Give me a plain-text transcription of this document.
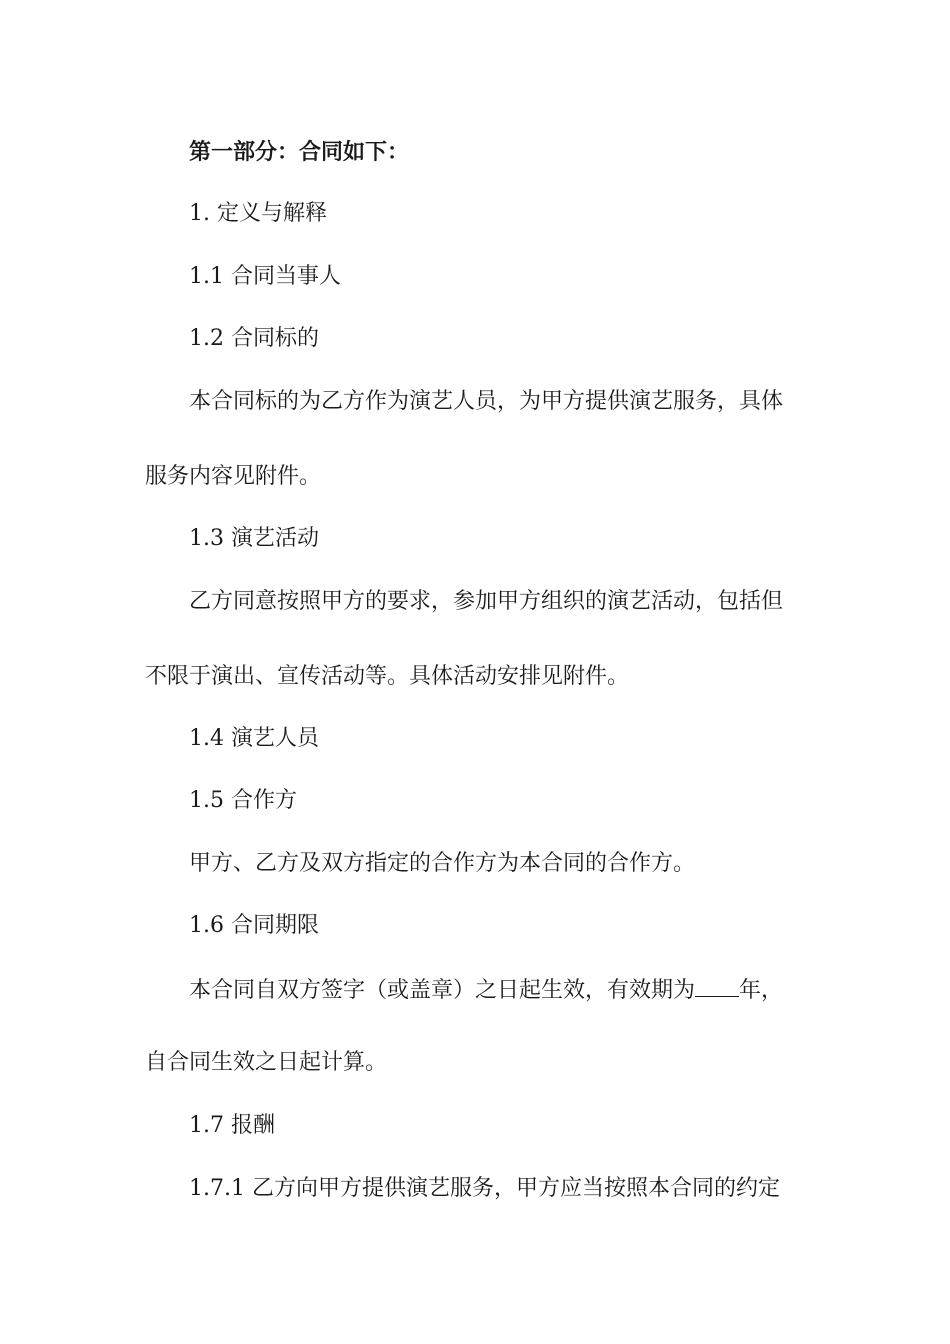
第一部分：合同如下：

1. 定义与解释

1.1 合同当事人

1.2 合同标的

本合同标的为乙方作为演艺人员，为甲方提供演艺服务，具体

服务内容见附件。

1.3 演艺活动

乙方同意按照甲方的要求，参加甲方组织的演艺活动，包括但

不限于演出、宣传活动等。具体活动安排见附件。

1.4 演艺人员

1.5 合作方

甲方、乙方及双方指定的合作方为本合同的合作方。

1.6 合同期限

本合同自双方签字（或盖章）之日起生效，有效期为 年，

自合同生效之日起计算。

1.7 报酬

1.7.1 乙方向甲方提供演艺服务，甲方应当按照本合同的约定
